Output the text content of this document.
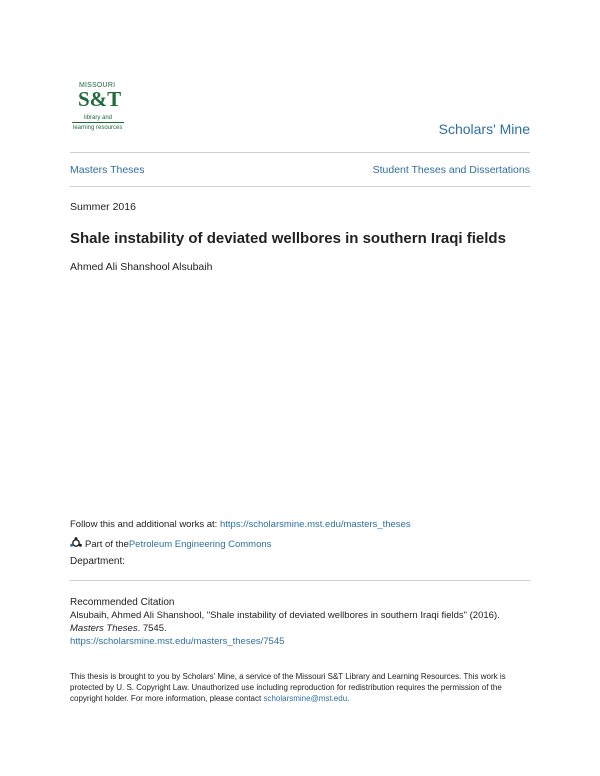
MISSOURI
S&T
library and
learning resources	Scholars' Mine
Masters Theses	Student Theses and Dissertations
Summer 2016
Shale instability of deviated wellbores in southern Iraqi fields
Ahmed Ali Shanshool Alsubaih
Follow this and additional works at: https://scholarsmine.mst.edu/masters_theses
Part of the Petroleum Engineering Commons
Department:
Recommended Citation
Alsubaih, Ahmed Ali Shanshool, "Shale instability of deviated wellbores in southern Iraqi fields" (2016).
Masters Theses. 7545.
https://scholarsmine.mst.edu/masters_theses/7545
This thesis is brought to you by Scholars' Mine, a service of the Missouri S&T Library and Learning Resources. This work is protected by U. S. Copyright Law. Unauthorized use including reproduction for redistribution requires the permission of the copyright holder. For more information, please contact scholarsmine@mst.edu.
